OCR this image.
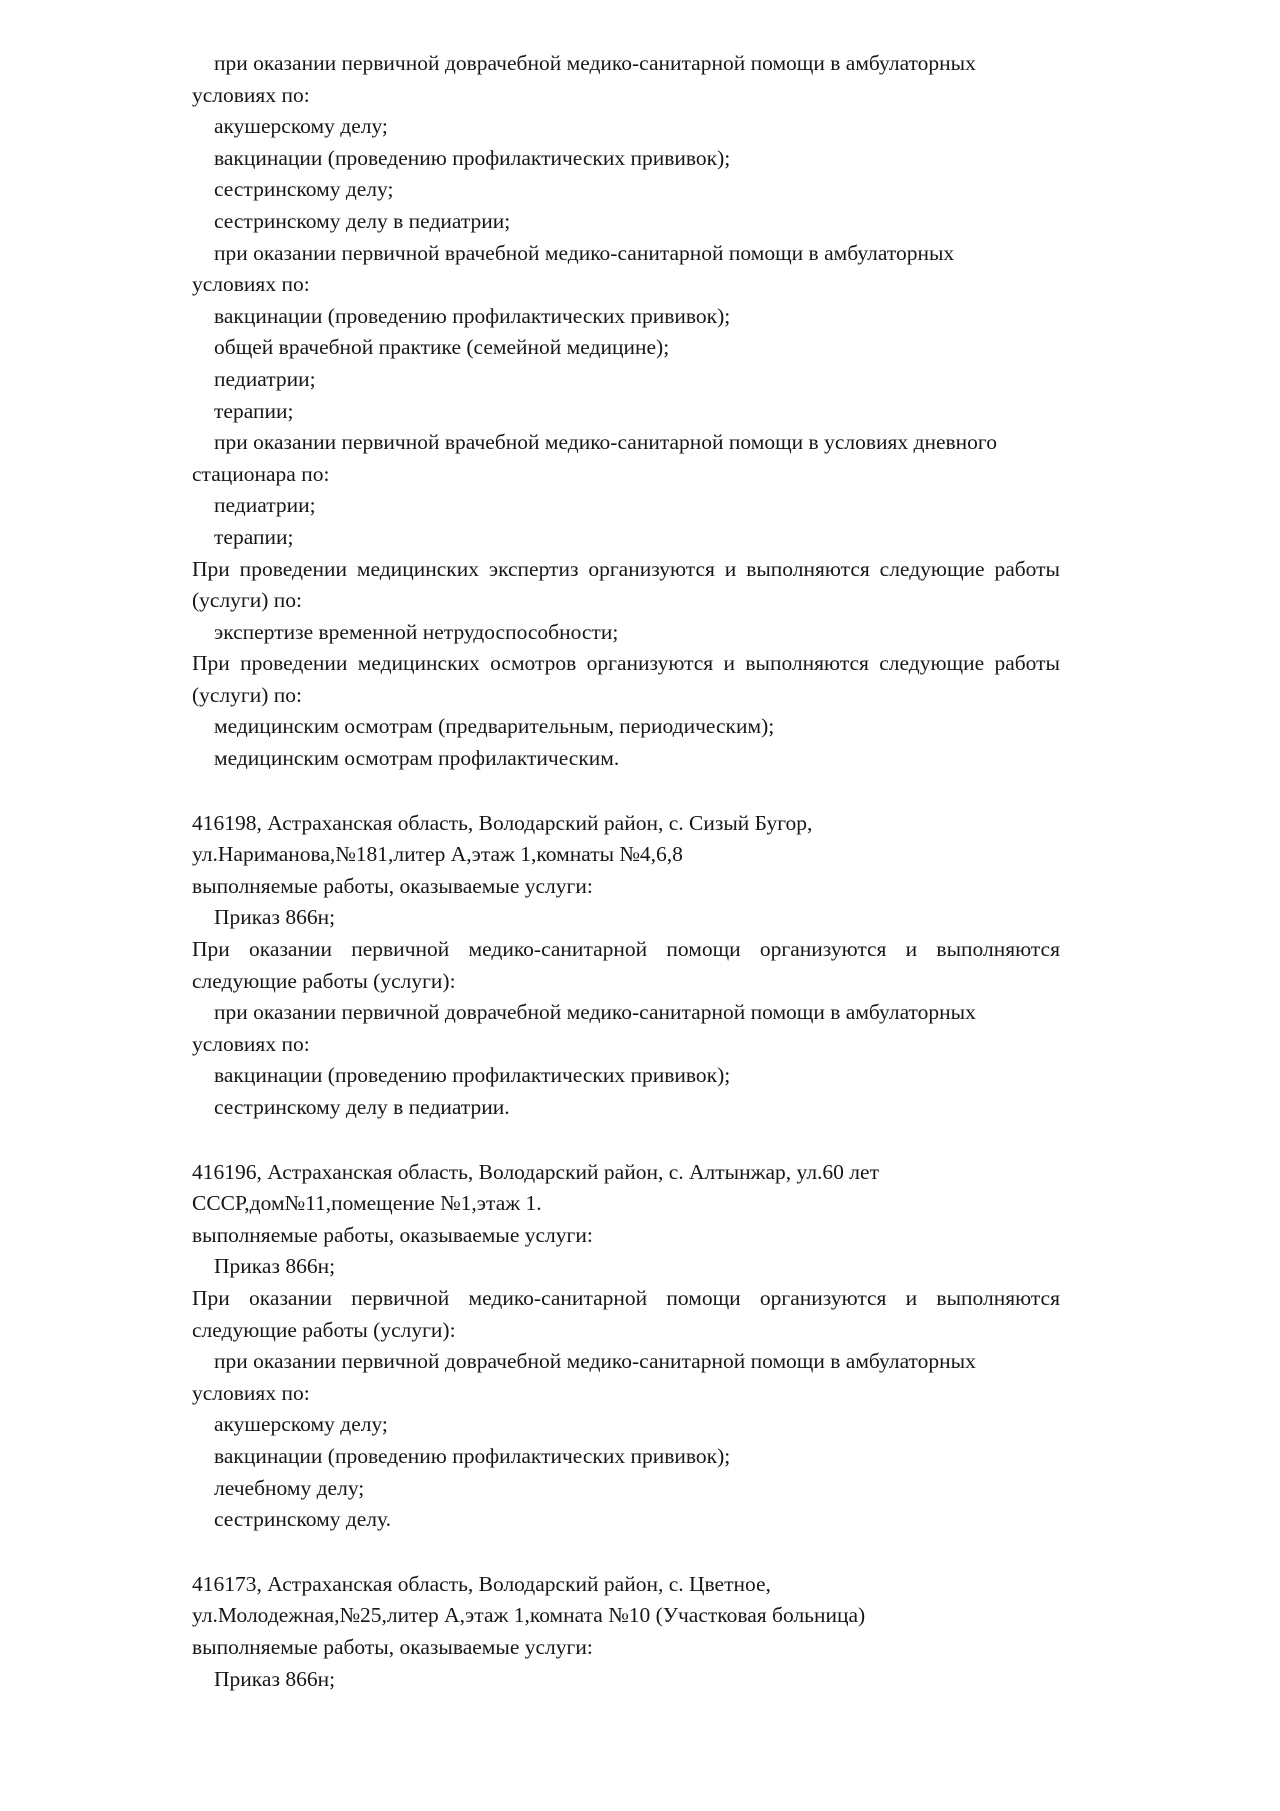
при оказании первичной доврачебной медико-санитарной помощи в амбулаторных

условиях по:

акушерскому делу;

вакцинации (проведению профилактических прививок);

сестринскому делу;

сестринскому делу в педиатрии;

при оказании первичной врачебной медико-санитарной помощи в амбулаторных

условиях по:

вакцинации (проведению профилактических прививок);

общей врачебной практике (семейной медицине);

педиатрии;

терапии;

при оказании первичной врачебной медико-санитарной помощи в условиях дневного

стационара по:

педиатрии;

терапии;

При проведении медицинских экспертиз организуются и выполняются следующие работы (услуги) по:

экспертизе временной нетрудоспособности;

При проведении медицинских осмотров организуются и выполняются следующие работы (услуги) по:

медицинским осмотрам (предварительным, периодическим);

медицинским осмотрам профилактическим.

416198, Астраханская область, Володарский район, с. Сизый Бугор,

ул.Нариманова,№181,литер А,этаж 1,комнаты №4,6,8

выполняемые работы, оказываемые услуги:

Приказ 866н;

При оказании первичной медико-санитарной помощи организуются и выполняются следующие работы (услуги):

при оказании первичной доврачебной медико-санитарной помощи в амбулаторных

условиях по:

вакцинации (проведению профилактических прививок);

сестринскому делу в педиатрии.

416196, Астраханская область, Володарский район, с. Алтынжар, ул.60 лет

СССР,дом№11,помещение №1,этаж 1.

выполняемые работы, оказываемые услуги:

Приказ 866н;

При оказании первичной медико-санитарной помощи организуются и выполняются следующие работы (услуги):

при оказании первичной доврачебной медико-санитарной помощи в амбулаторных

условиях по:

акушерскому делу;

вакцинации (проведению профилактических прививок);

лечебному делу;

сестринскому делу.

416173, Астраханская область, Володарский район, с. Цветное,

ул.Молодежная,№25,литер А,этаж 1,комната №10 (Участковая больница)

выполняемые работы, оказываемые услуги:

Приказ 866н;
